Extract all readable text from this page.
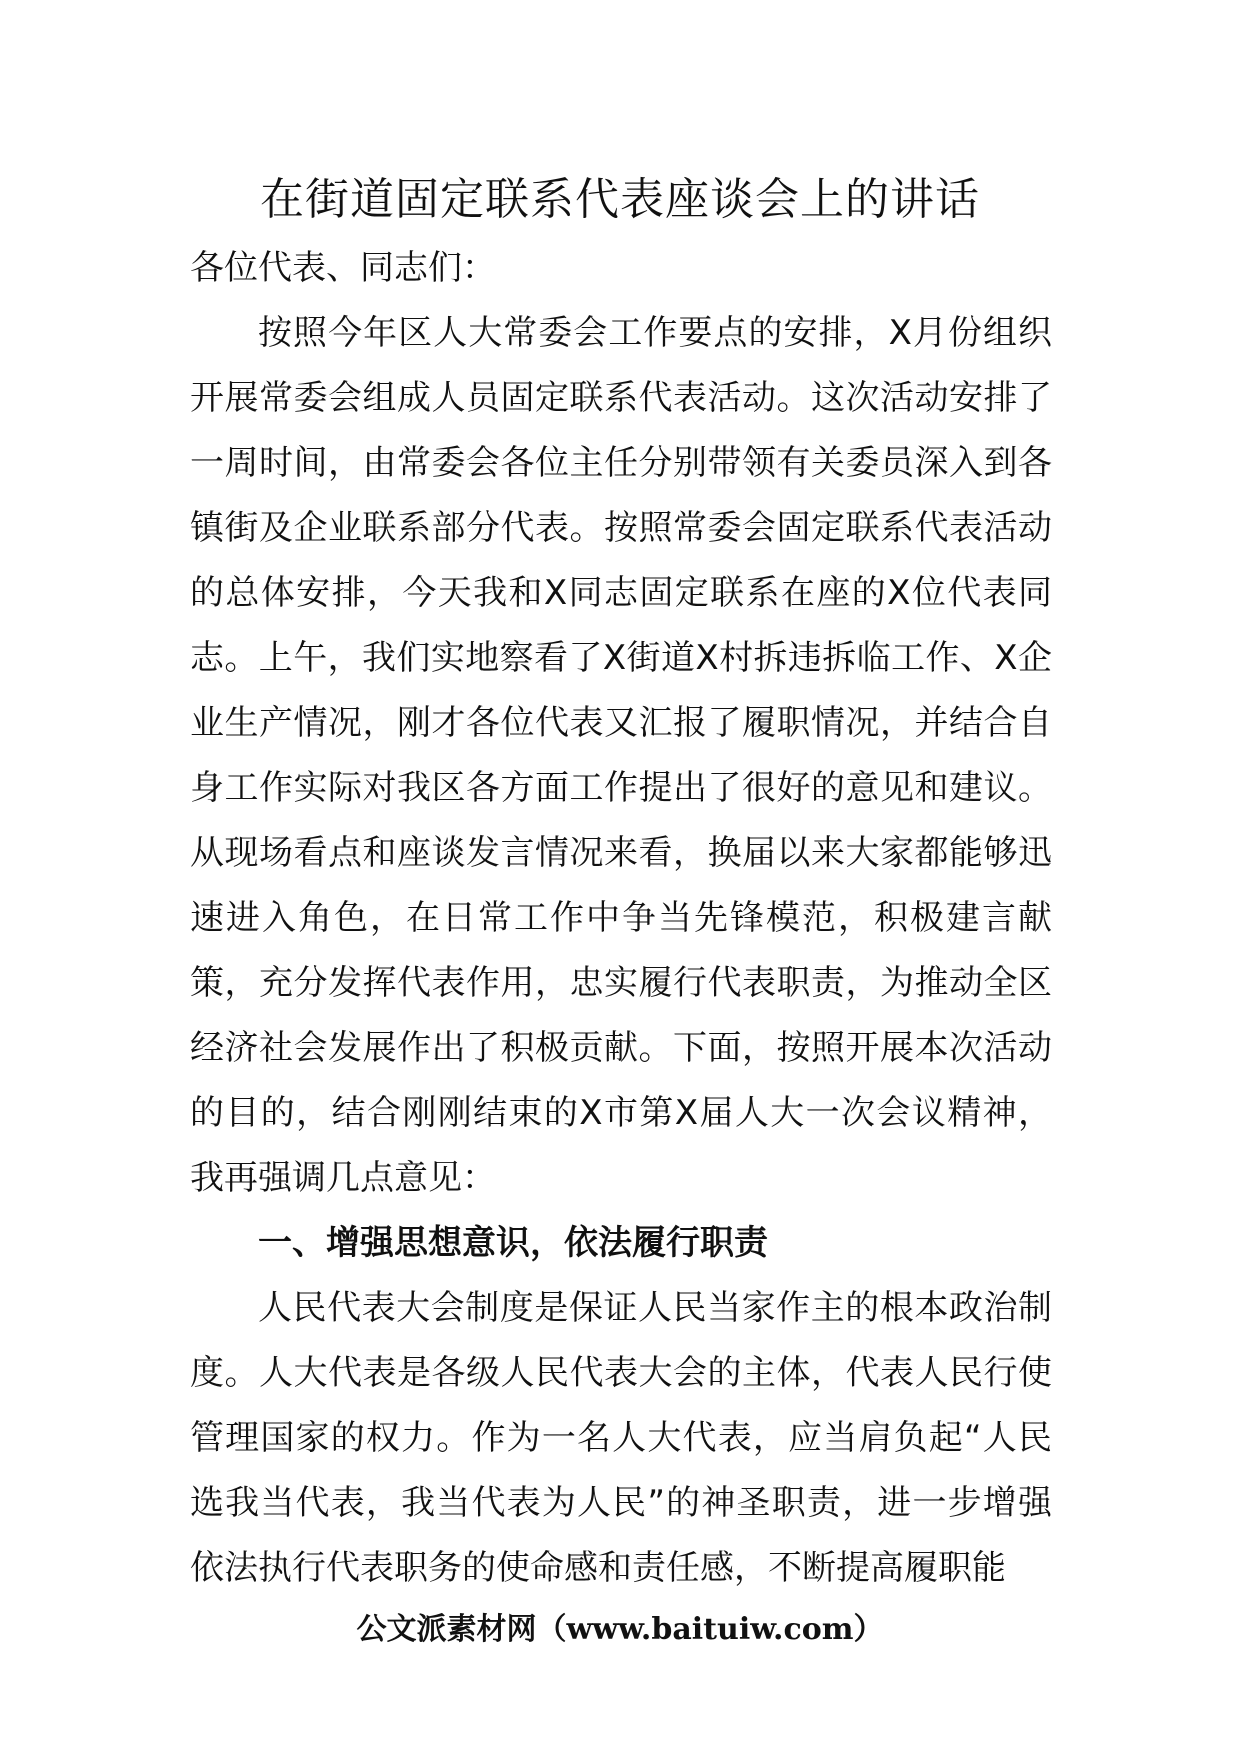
在街道固定联系代表座谈会上的讲话

各位代表、同志们：

按照今年区人大常委会工作要点的安排，X月份组织开展常委会组成人员固定联系代表活动。这次活动安排了一周时间，由常委会各位主任分别带领有关委员深入到各镇街及企业联系部分代表。按照常委会固定联系代表活动的总体安排，今天我和X同志固定联系在座的X位代表同志。上午，我们实地察看了X街道X村拆违拆临工作、X企业生产情况，刚才各位代表又汇报了履职情况，并结合自身工作实际对我区各方面工作提出了很好的意见和建议。从现场看点和座谈发言情况来看，换届以来大家都能够迅速进入角色，在日常工作中争当先锋模范，积极建言献策，充分发挥代表作用，忠实履行代表职责，为推动全区经济社会发展作出了积极贡献。下面，按照开展本次活动的目的，结合刚刚结束的X市第X届人大一次会议精神，我再强调几点意见：

一、增强思想意识，依法履行职责

人民代表大会制度是保证人民当家作主的根本政治制度。人大代表是各级人民代表大会的主体，代表人民行使管理国家的权力。作为一名人大代表，应当肩负起“人民选我当代表，我当代表为人民”的神圣职责，进一步增强依法执行代表职务的使命感和责任感，不断提高履职能

公文派素材网（www.baituiw.com）
